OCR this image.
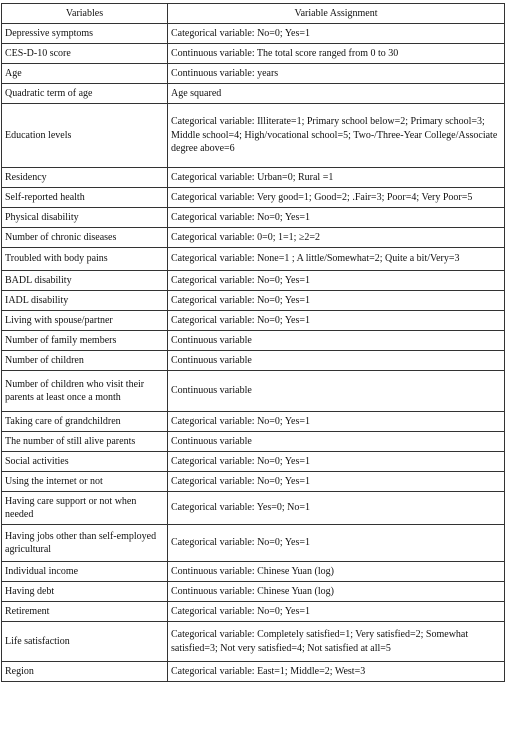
Variables	Variable Assignment
Depressive symptoms	Categorical variable: No=0; Yes=1
CES-D-10 score	Continuous variable: The total score ranged from 0 to 30
Age	Continuous variable: years
Quadratic term of age	Age squared
Education levels	Categorical variable: Illiterate=1; Primary school below=2; Primary school=3; Middle school=4; High/vocational school=5; Two-/Three-Year College/Associate degree above=6
Residency	Categorical variable: Urban=0; Rural =1
Self-reported health	Categorical variable: Very good=1; Good=2; .Fair=3; Poor=4; Very Poor=5
Physical disability	Categorical variable: No=0; Yes=1
Number of chronic diseases	Categorical variable: 0=0; 1=1; ≥2=2
Troubled with body pains	Categorical variable: None=1 ; A little/Somewhat=2; Quite a bit/Very=3
BADL disability	Categorical variable: No=0; Yes=1
IADL disability	Categorical variable: No=0; Yes=1
Living with spouse/partner	Categorical variable: No=0; Yes=1
Number of family members	Continuous variable
Number of children	Continuous variable
Number of children who visit their parents at least once a month	Continuous variable
Taking care of grandchildren	Categorical variable: No=0; Yes=1
The number of still alive parents	Continuous variable
Social activities	Categorical variable: No=0; Yes=1
Using the internet or not	Categorical variable: No=0; Yes=1
Having care support or not when needed	Categorical variable: Yes=0; No=1
Having jobs other than self-employed agricultural	Categorical variable: No=0; Yes=1
Individual income	Continuous variable: Chinese Yuan (log)
Having debt	Continuous variable: Chinese Yuan (log)
Retirement	Categorical variable: No=0; Yes=1
Life satisfaction	Categorical variable: Completely satisfied=1; Very satisfied=2; Somewhat satisfied=3; Not very satisfied=4; Not satisfied at all=5
Region	Categorical variable: East=1; Middle=2; West=3
